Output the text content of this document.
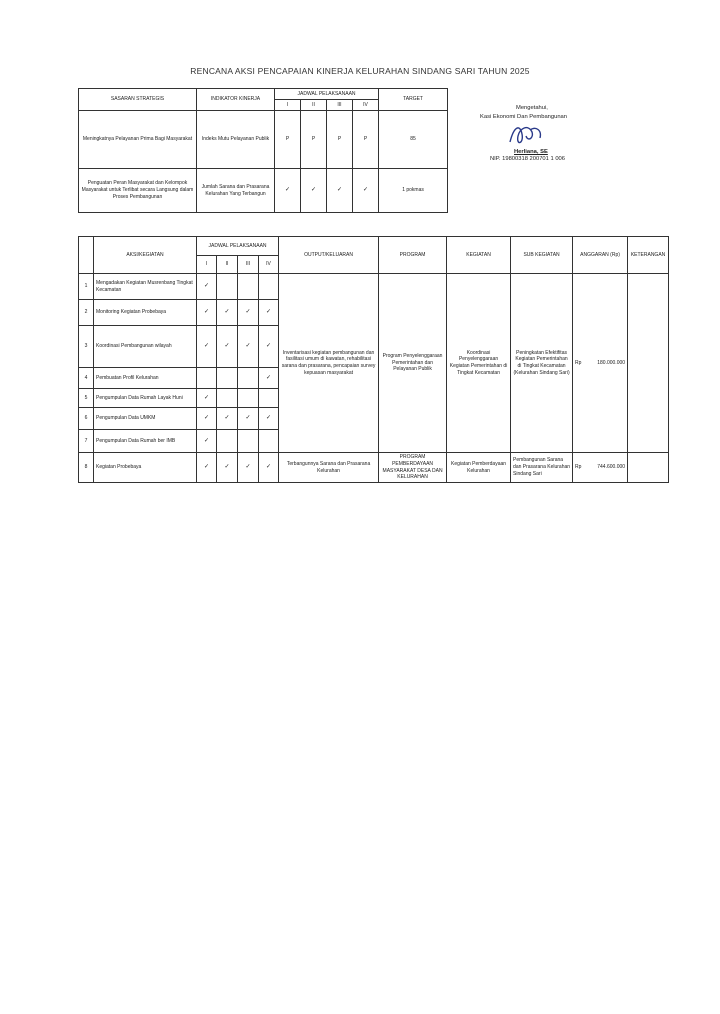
RENCANA AKSI PENCAPAIAN KINERJA KELURAHAN SINDANG SARI TAHUN 2025
SASARAN STRATEGIS	INDIKATOR KINERJA	JADWAL PELAKSANAAN				TARGET
		I	II	III	IV	
Meningkatnya Pelayanan Prima Bagi Masyarakat	Indeks Mutu Pelayanan Publik	P	P	P	P	85
Penguatan Peran Masyarakat dan Kelompok Masyarakat untuk Terlibat secara Langsung dalam Proses Pembangunan	Jumlah Sarana dan Prasarana Kelurahan Yang Terbangun	✓	✓	✓	✓	1 pokmas
Mengetahui,
Kasi Ekonomi Dan Pembangunan
Herliana, SE
NIP. 19800318 200701 1 006
	AKSI/KEGIATAN	JADWAL PELAKSANAAN				OUTPUT/KELUARAN	PROGRAM	KEGIATAN	SUB KEGIATAN	ANGGARAN (Rp)	KETERANGAN
		I	II	III	IV						
1	Mengadakan Kegiatan Musrenbang Tingkat Kecamatan	✓				Inventarisasi kegiatan pembangunan dan fasilitasi umum di kawatan, rehabilitasi sarana dan prasarana, pencapaian survey kepuasan masyarakat	Program Penyelenggaraan Pemerintahan dan Pelayanan Publik	Koordinasi Penyelenggaraan Kegiatan Pemerintahan di Tingkat Kecamatan	Peningkatan Efektifitas Kegiatan Pemerintahan di Tingkat Kecamatan (Kelurahan Sindang Sari)	Rp 180.000.000	

2	Monitoring Kegiatan Probebaya	✓	✓	✓	✓						
3	Koordinasi Pembangunan wilayah	✓	✓	✓	✓						
4	Pembuatan Profil Kelurahan				✓						
5	Pengumpulan Data Rumah Layak Huni	✓									
6	Pengumpulan Data UMKM	✓	✓	✓	✓						
7	Pengumpulan Data Rumah ber IMB	✓									
8	Kegiatan Probebaya	✓	✓	✓	✓	Terbangunnya Sarana dan Prasarana Kelurahan	PROGRAM PEMBERDAYAAN MASYARAKAT DESA DAN KELURAHAN	Kegiatan Pemberdayaan Kelurahan	Pembangunan Sarana dan Prasarana Kelurahan Sindang Sari	Rp 744.600.000	
